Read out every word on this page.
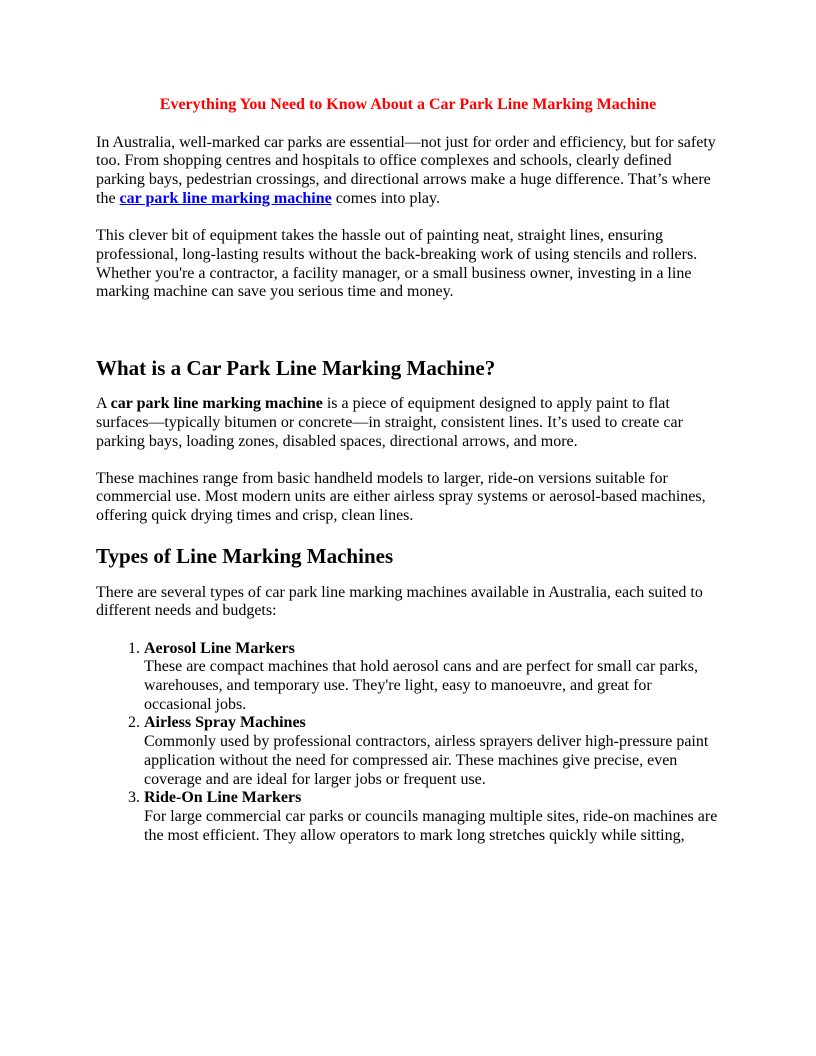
Everything You Need to Know About a Car Park Line Marking Machine

In Australia, well-marked car parks are essential—not just for order and efficiency, but for safety too. From shopping centres and hospitals to office complexes and schools, clearly defined parking bays, pedestrian crossings, and directional arrows make a huge difference. That’s where the car park line marking machine comes into play.

This clever bit of equipment takes the hassle out of painting neat, straight lines, ensuring professional, long-lasting results without the back-breaking work of using stencils and rollers. Whether you're a contractor, a facility manager, or a small business owner, investing in a line marking machine can save you serious time and money.

What is a Car Park Line Marking Machine?

A car park line marking machine is a piece of equipment designed to apply paint to flat surfaces—typically bitumen or concrete—in straight, consistent lines. It’s used to create car parking bays, loading zones, disabled spaces, directional arrows, and more.

These machines range from basic handheld models to larger, ride-on versions suitable for commercial use. Most modern units are either airless spray systems or aerosol-based machines, offering quick drying times and crisp, clean lines.

Types of Line Marking Machines

There are several types of car park line marking machines available in Australia, each suited to different needs and budgets:

1. Aerosol Line Markers
These are compact machines that hold aerosol cans and are perfect for small car parks, warehouses, and temporary use. They're light, easy to manoeuvre, and great for occasional jobs.
2. Airless Spray Machines
Commonly used by professional contractors, airless sprayers deliver high-pressure paint application without the need for compressed air. These machines give precise, even coverage and are ideal for larger jobs or frequent use.
3. Ride-On Line Markers
For large commercial car parks or councils managing multiple sites, ride-on machines are the most efficient. They allow operators to mark long stretches quickly while sitting,
